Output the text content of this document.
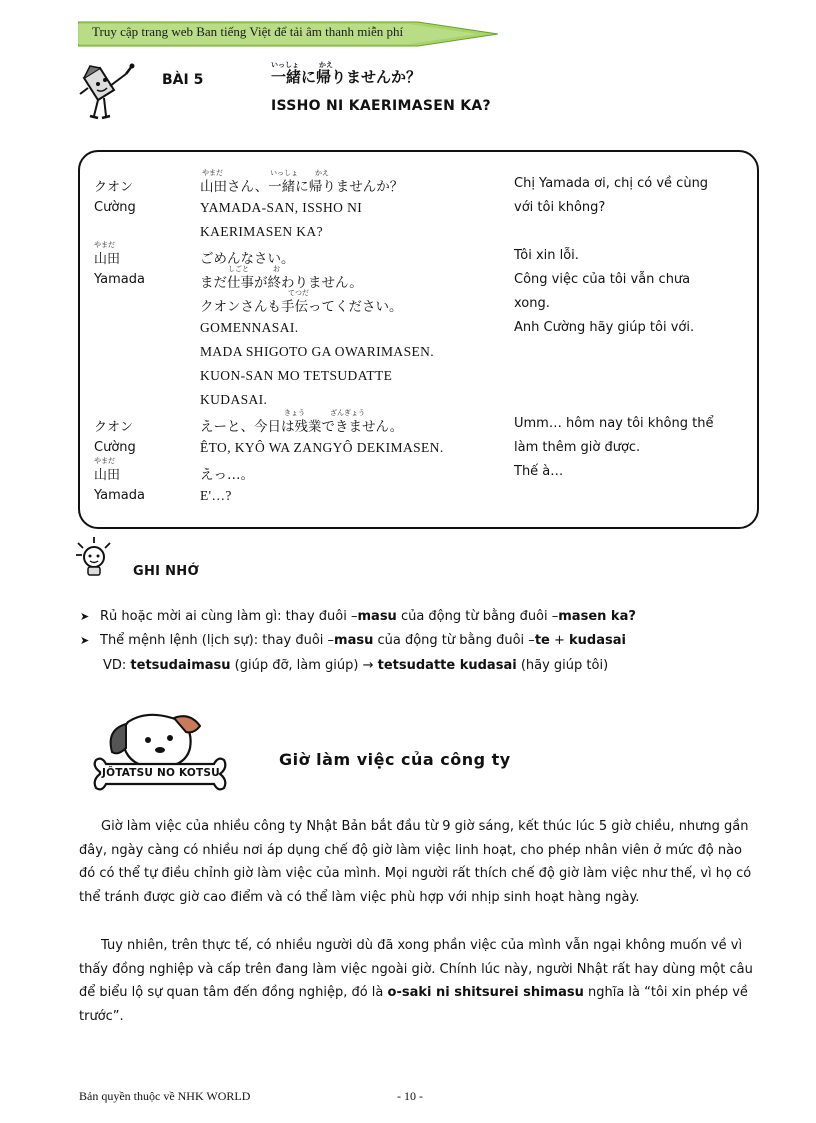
Truy cập trang web Ban tiếng Việt để tải âm thanh miễn phí
BÀI 5
いっしょ	かえ
一緒に帰りませんか？
ISSHO NI KAERIMASEN KA?
クオン
やまだ	いっしょ かえ
山田さん、一緒に帰りませんか？	Chị Yamada ơi, chị có về cùng
Cường	YAMADA-SAN, ISSHO NI	với tôi không?
KAERIMASEN KA?
やまだ
山田	ごめんなさい。	Tôi xin lỗi.
Yamada
しごと	お
まだ仕事が終わりません。	Công việc của tôi vẫn chưa
てつだ
クオンさんも手伝ってください。	xong.
GOMENNASAI.	Anh Cường hãy giúp tôi với.
MADA SHIGOTO GA OWARIMASEN.
KUON-SAN MO TETSUDATTE
KUDASAI.
クオン
きょう	ざんぎょう
えーと、今日は残業できません。	Umm… hôm nay tôi không thể
Cường	ÊTO, KYÔ WA ZANGYÔ DEKIMASEN.	làm thêm giờ được.
やまだ
山田	えっ…。	Thế à…
Yamada	E'…?
GHI NHỚ
➤ Rủ hoặc mời ai cùng làm gì: thay đuôi –masu của động từ bằng đuôi –masen ka?
➤ Thể mệnh lệnh (lịch sự): thay đuôi –masu của động từ bằng đuôi –te + kudasai
VD: tetsudaimasu (giúp đỡ, làm giúp) → tetsudatte kudasai (hãy giúp tôi)
JÔTATSU NO KOTSU
Giờ làm việc của công ty
Giờ làm việc của nhiều công ty Nhật Bản bắt đầu từ 9 giờ sáng, kết thúc lúc 5 giờ chiều, nhưng gần đây, ngày càng có nhiều nơi áp dụng chế độ giờ làm việc linh hoạt, cho phép nhân viên ở mức độ nào đó có thể tự điều chỉnh giờ làm việc của mình. Mọi người rất thích chế độ giờ làm việc như thế, vì họ có thể tránh được giờ cao điểm và có thể làm việc phù hợp với nhịp sinh hoạt hàng ngày.
Tuy nhiên, trên thực tế, có nhiều người dù đã xong phần việc của mình vẫn ngại không muốn về vì thấy đồng nghiệp và cấp trên đang làm việc ngoài giờ. Chính lúc này, người Nhật rất hay dùng một câu để biểu lộ sự quan tâm đến đồng nghiệp, đó là o-saki ni shitsurei shimasu nghĩa là “tôi xin phép về trước”.
Bản quyền thuộc về NHK WORLD	- 10 -
